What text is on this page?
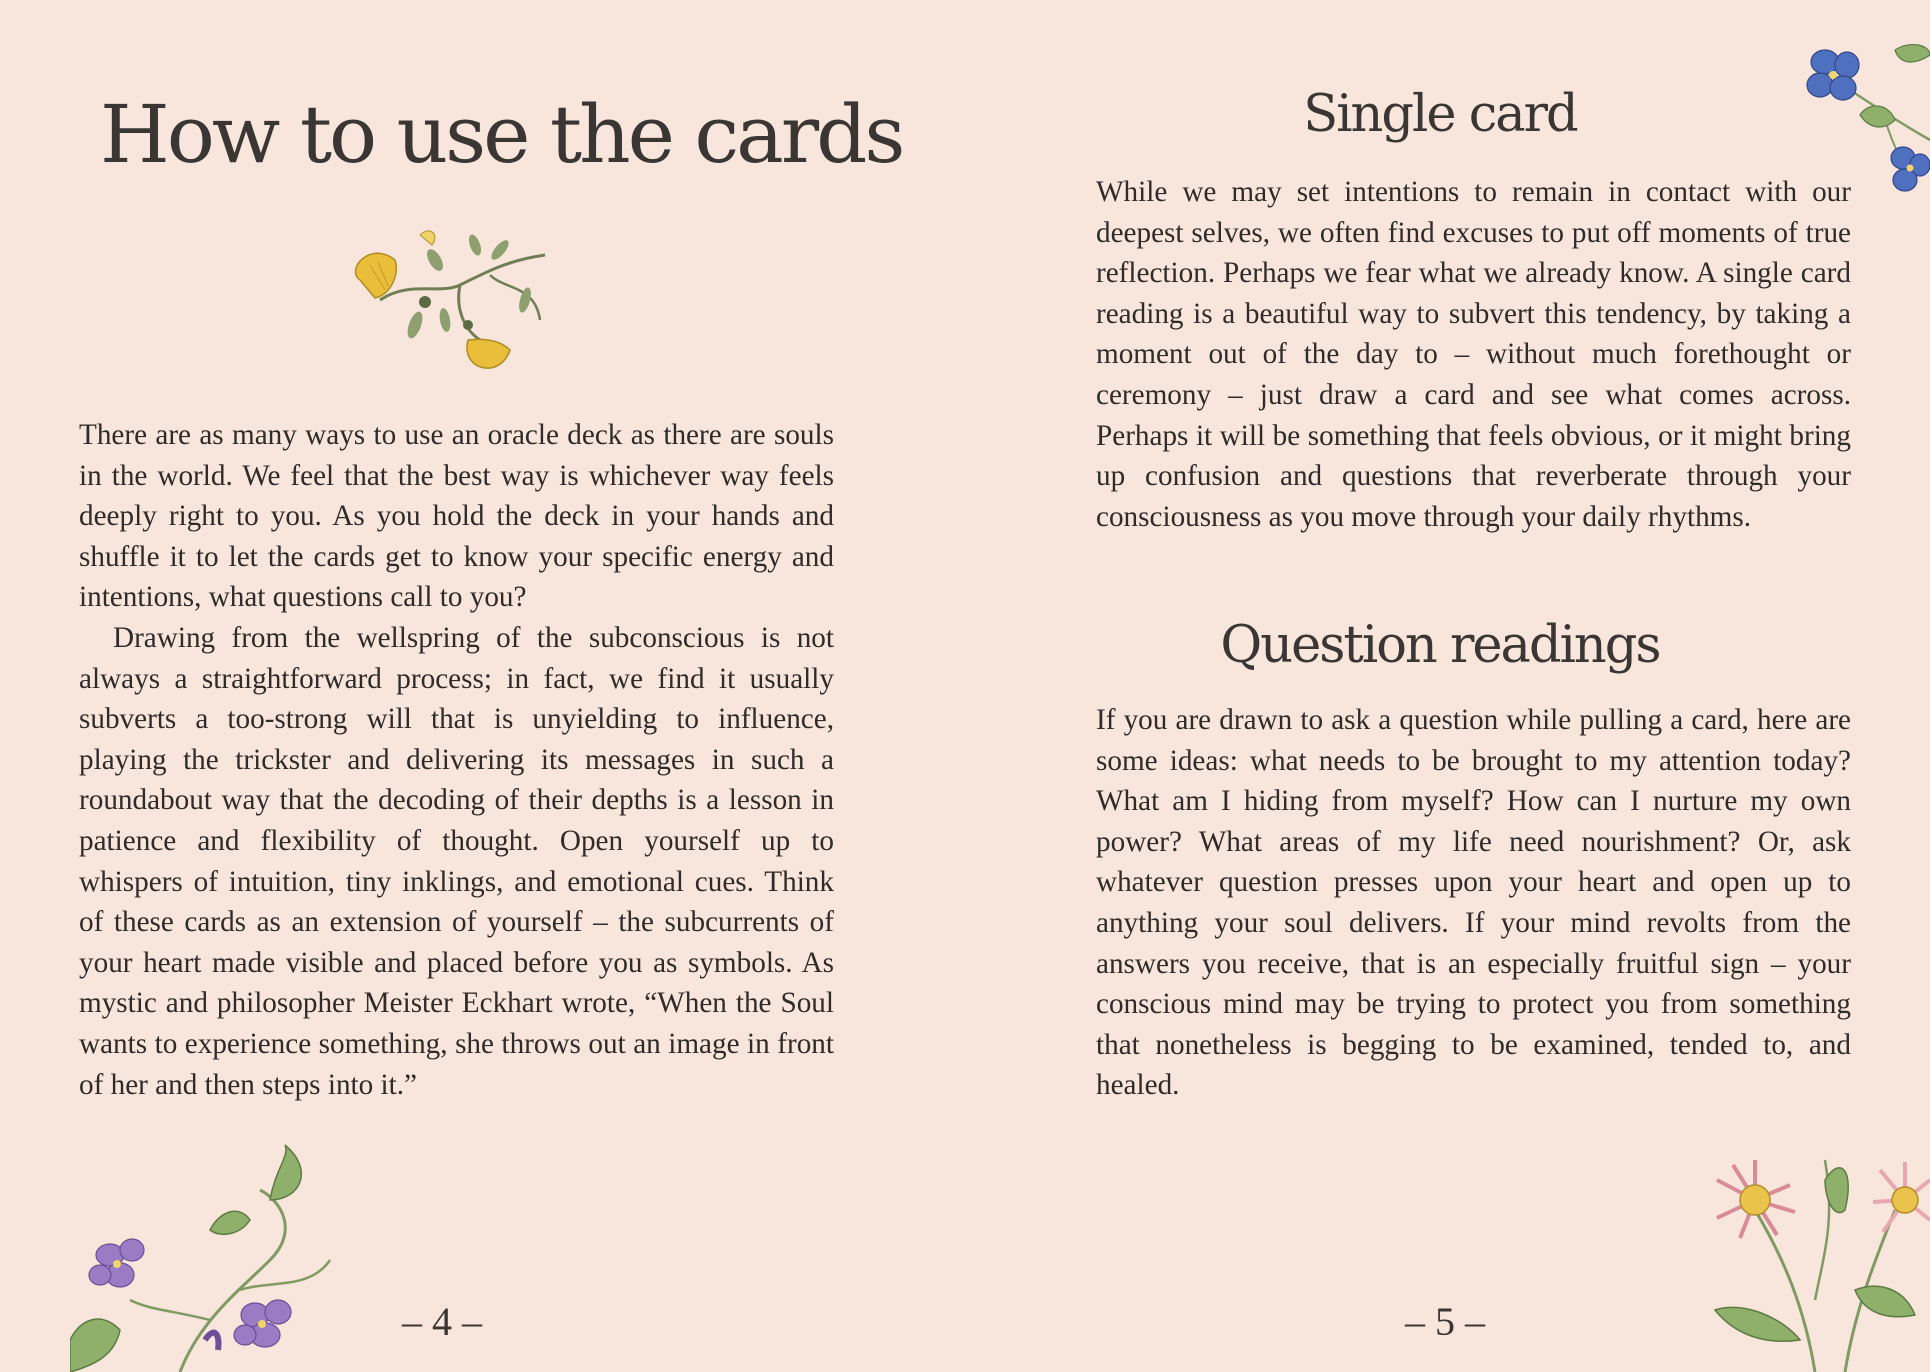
How to use the cards

There are as many ways to use an oracle deck as there are souls in the world. We feel that the best way is whichever way feels deeply right to you. As you hold the deck in your hands and shuffle it to let the cards get to know your specific energy and intentions, what questions call to you?

Drawing from the wellspring of the subconscious is not always a straightforward process; in fact, we find it usually subverts a too-strong will that is unyielding to influence, playing the trickster and delivering its messages in such a roundabout way that the decoding of their depths is a lesson in patience and flexibility of thought. Open yourself up to whispers of intuition, tiny inklings, and emotional cues. Think of these cards as an extension of yourself – the subcurrents of your heart made visible and placed before you as symbols. As mystic and philosopher Meister Eckhart wrote, “When the Soul wants to experience something, she throws out an image in front of her and then steps into it.”

– 4 –
Single card

While we may set intentions to remain in contact with our deepest selves, we often find excuses to put off moments of true reflection. Perhaps we fear what we already know. A single card reading is a beautiful way to subvert this tendency, by taking a moment out of the day to – without much forethought or ceremony – just draw a card and see what comes across. Perhaps it will be something that feels obvious, or it might bring up confusion and questions that reverberate through your consciousness as you move through your daily rhythms.

Question readings

If you are drawn to ask a question while pulling a card, here are some ideas: what needs to be brought to my attention today? What am I hiding from myself? How can I nurture my own power? What areas of my life need nourishment? Or, ask whatever question presses upon your heart and open up to anything your soul delivers. If your mind revolts from the answers you receive, that is an especially fruitful sign – your conscious mind may be trying to protect you from something that nonetheless is begging to be examined, tended to, and healed.

– 5 –
